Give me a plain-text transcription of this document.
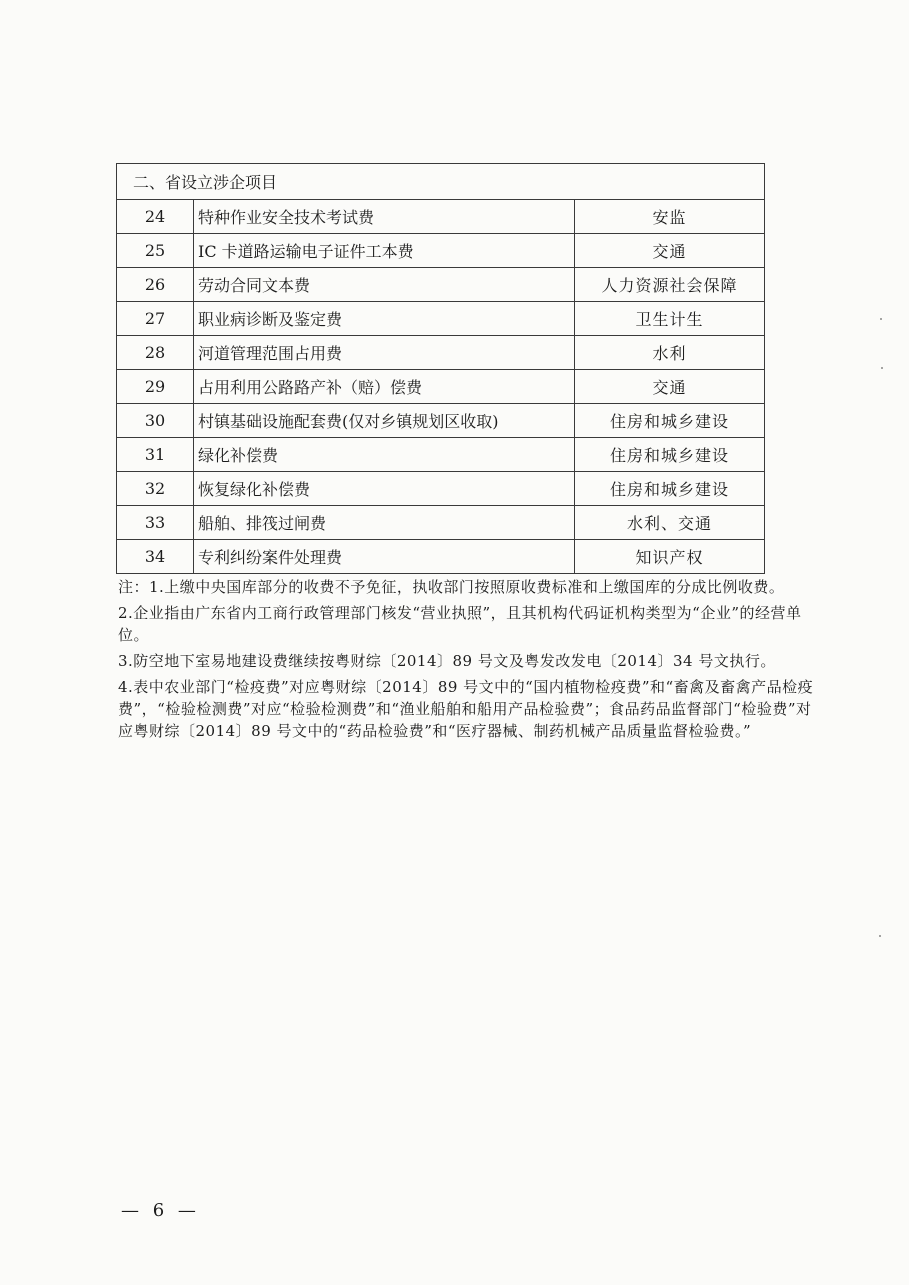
二、省设立涉企项目		
24	特种作业安全技术考试费	安监
25	IC 卡道路运输电子证件工本费	交通
26	劳动合同文本费	人力资源社会保障
27	职业病诊断及鉴定费	卫生计生
28	河道管理范围占用费	水利
29	占用利用公路路产补（赔）偿费	交通
30	村镇基础设施配套费(仅对乡镇规划区收取)	住房和城乡建设
31	绿化补偿费	住房和城乡建设
32	恢复绿化补偿费	住房和城乡建设
33	船舶、排筏过闸费	水利、交通
34	专利纠纷案件处理费	知识产权

注：1.上缴中央国库部分的收费不予免征，执收部门按照原收费标准和上缴国库的分成比例收费。

2.企业指由广东省内工商行政管理部门核发“营业执照”，且其机构代码证机构类型为“企业”的经营单位。

3.防空地下室易地建设费继续按粤财综〔2014〕89 号文及粤发改发电〔2014〕34 号文执行。

4.表中农业部门“检疫费”对应粤财综〔2014〕89 号文中的“国内植物检疫费”和“畜禽及畜禽产品检疫费”，“检验检测费”对应“检验检测费”和“渔业船舶和船用产品检验费”；食品药品监督部门“检验费”对应粤财综〔2014〕89 号文中的“药品检验费”和“医疗器械、制药机械产品质量监督检验费。”

— 6 —
